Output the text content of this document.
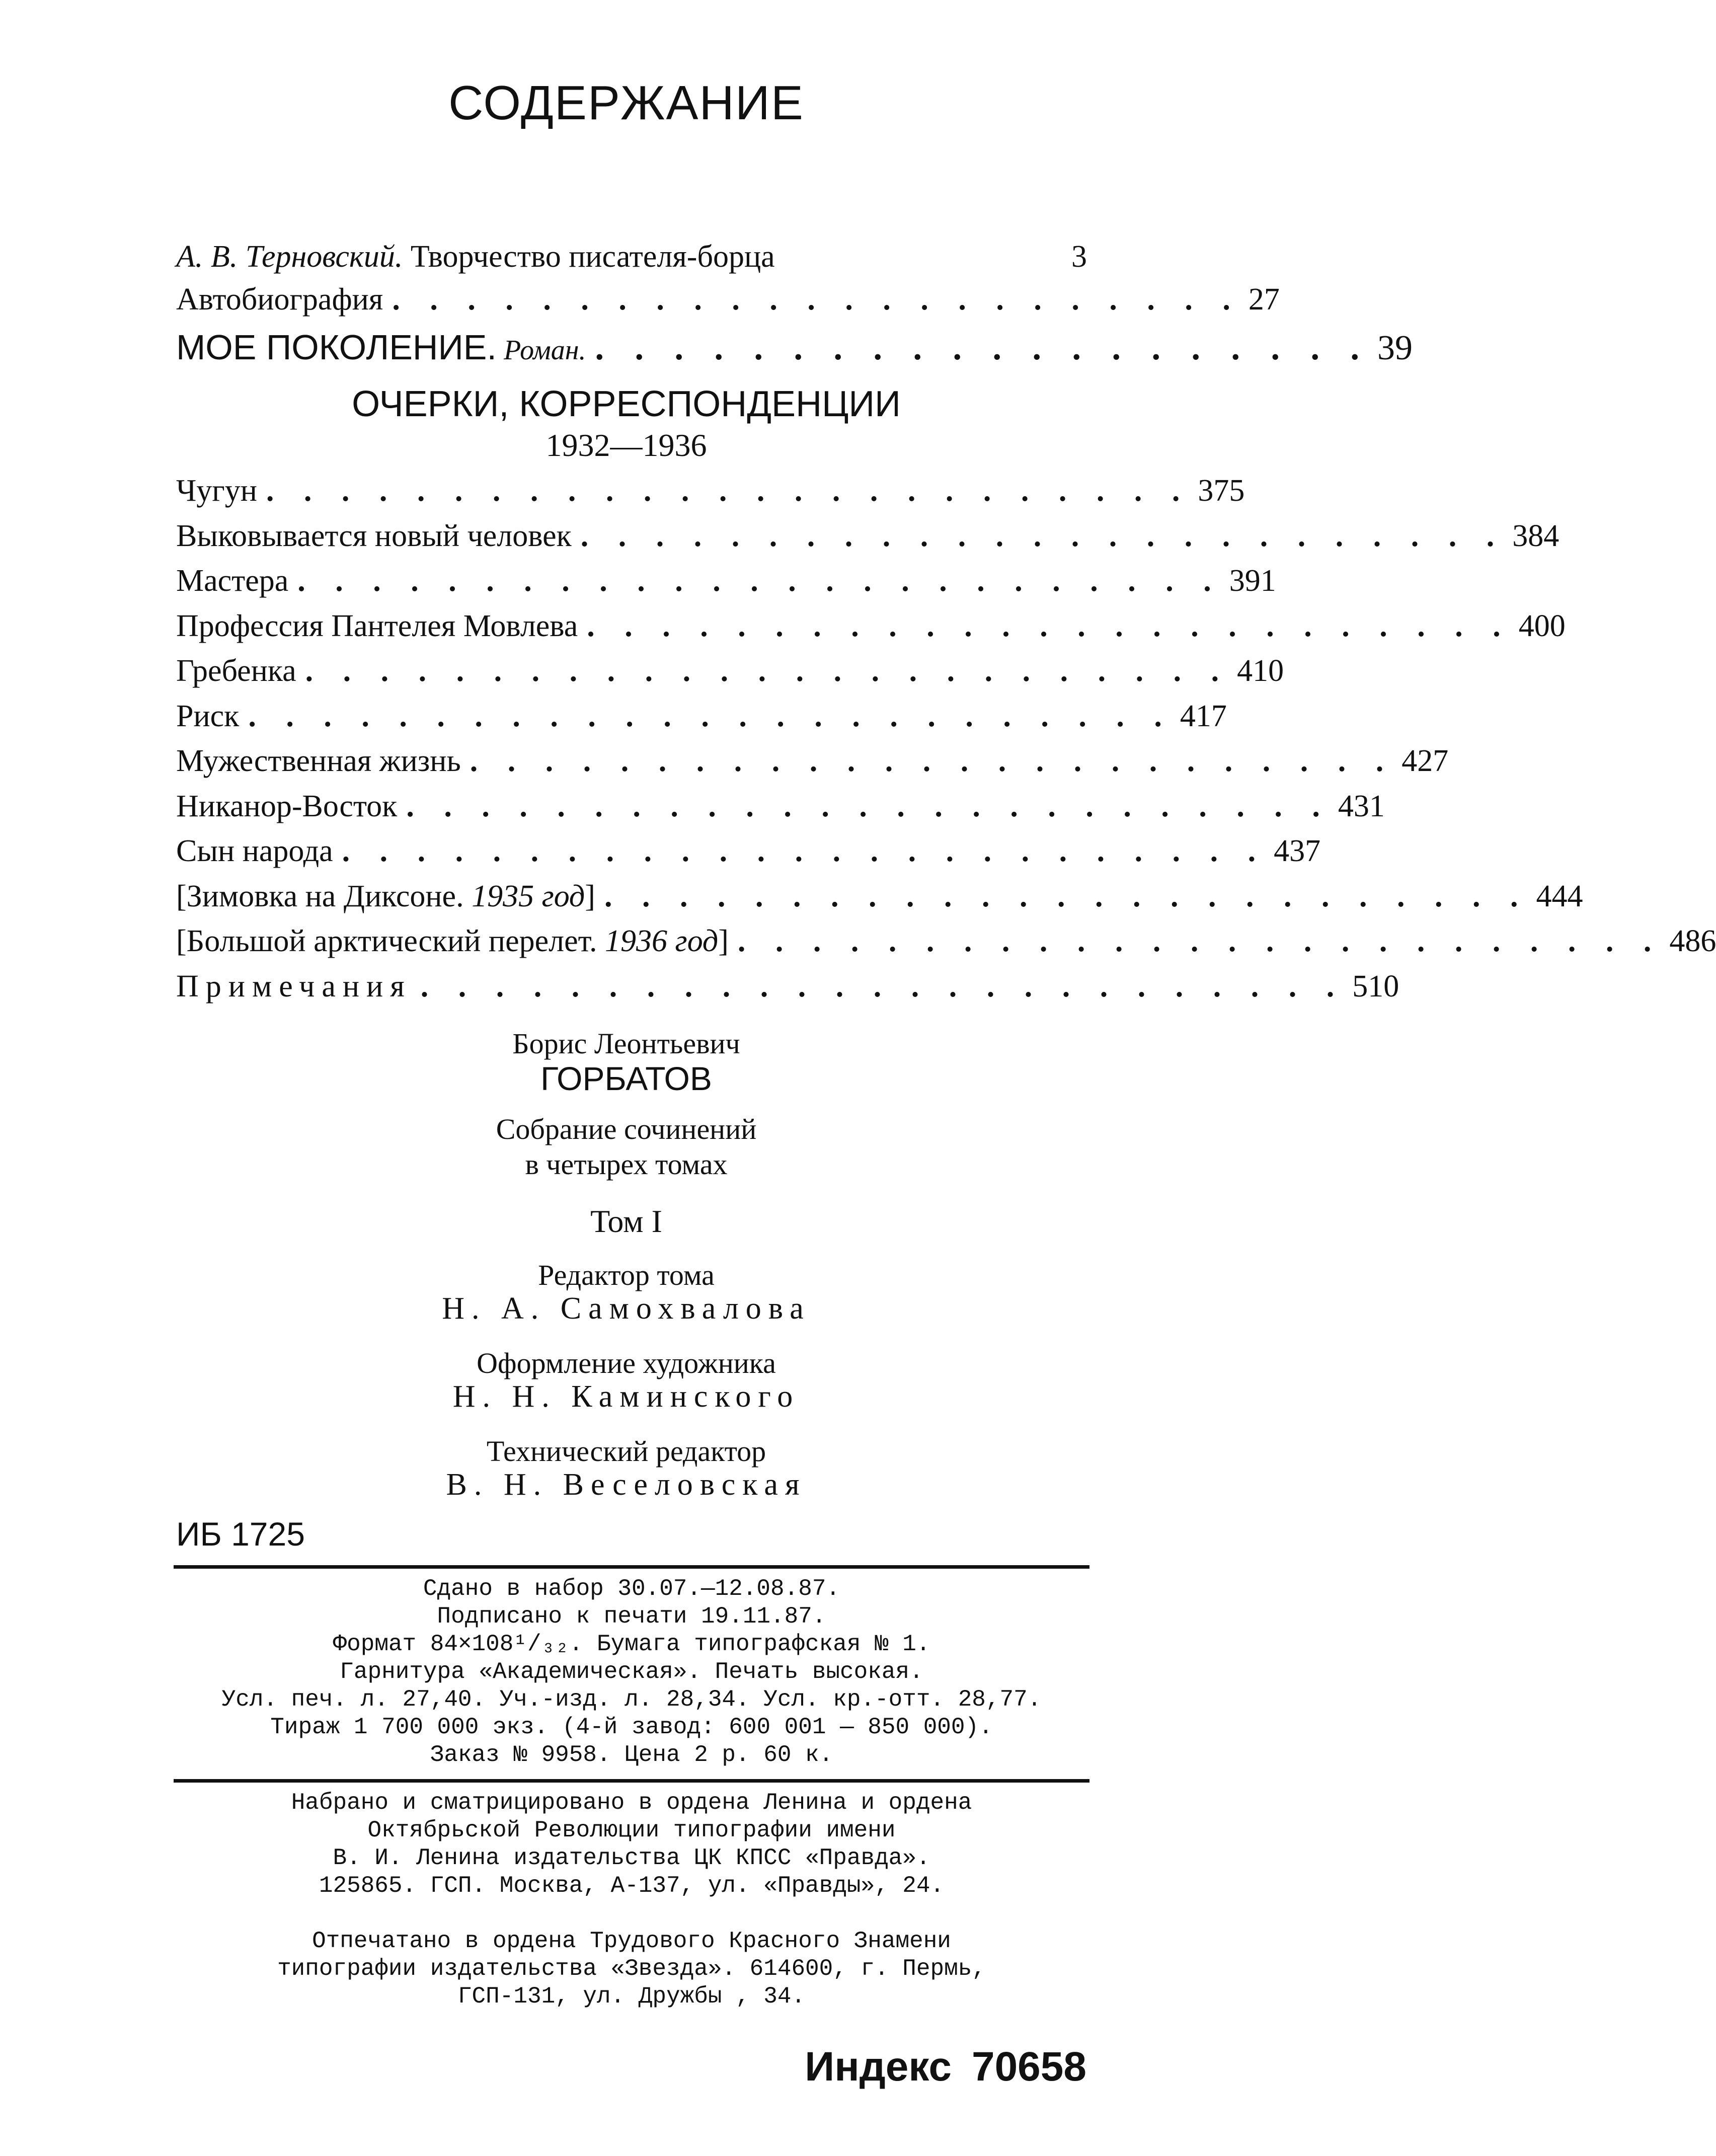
СОДЕРЖАНИЕ
А. В. Терновский. Творчество писателя-борца	3
Автобиография . . . . . . . . . . . . . . . . . . . . . . . 27
МОЕ ПОКОЛЕНИЕ. Роман. . . . . . . . . . . . . . . . . . . . . 39
ОЧЕРКИ, КОРРЕСПОНДЕНЦИИ
1932—1936
Чугун . . . . . . . . . . . . . . . . . . . . . . . . . 375
Выковывается новый человек . . . . . . . . . . . . . . . . . . . . . . . . . 384
Мастера . . . . . . . . . . . . . . . . . . . . . . . . . 391
Профессия Пантелея Мовлева . . . . . . . . . . . . . . . . . . . . . . . . . 400
Гребенка . . . . . . . . . . . . . . . . . . . . . . . . . 410
Риск . . . . . . . . . . . . . . . . . . . . . . . . . 417
Мужественная жизнь . . . . . . . . . . . . . . . . . . . . . . . . . 427
Никанор-Восток . . . . . . . . . . . . . . . . . . . . . . . . . 431
Сын народа . . . . . . . . . . . . . . . . . . . . . . . . . 437
[Зимовка на Диксоне. 1935 год] . . . . . . . . . . . . . . . . . . . . . . . . . 444
[Большой арктический перелет. 1936 год] . . . . . . . . . . . . . . . . . . . . . . . . . 486
Примечания . . . . . . . . . . . . . . . . . . . . . . . . . 510
Борис Леонтьевич
ГОРБАТОВ
Собрание сочинений
в четырех томах
Том I
Редактор тома
Н. А. Самохвалова
Оформление художника
Н. Н. Каминского
Технический редактор
В. Н. Веселовская
ИБ 1725
Сдано в набор 30.07.—12.08.87.
Подписано к печати 19.11.87.
Формат 84×108¹/₃₂. Бумага типографская № 1.
Гарнитура «Академическая». Печать высокая.
Усл. печ. л. 27,40. Уч.-изд. л. 28,34. Усл. кр.-отт. 28,77.
Тираж 1 700 000 экз. (4-й завод: 600 001 — 850 000).
Заказ № 9958. Цена 2 р. 60 к.
Набрано и сматрицировано в ордена Ленина и ордена
Октябрьской Революции типографии имени
В. И. Ленина издательства ЦК КПСС «Правда».
125865. ГСП. Москва, А-137, ул. «Правды», 24.
Отпечатано в ордена Трудового Красного Знамени
типографии издательства «Звезда». 614600, г. Пермь,
ГСП-131, ул. Дружбы , 34.
Индекс 70658
